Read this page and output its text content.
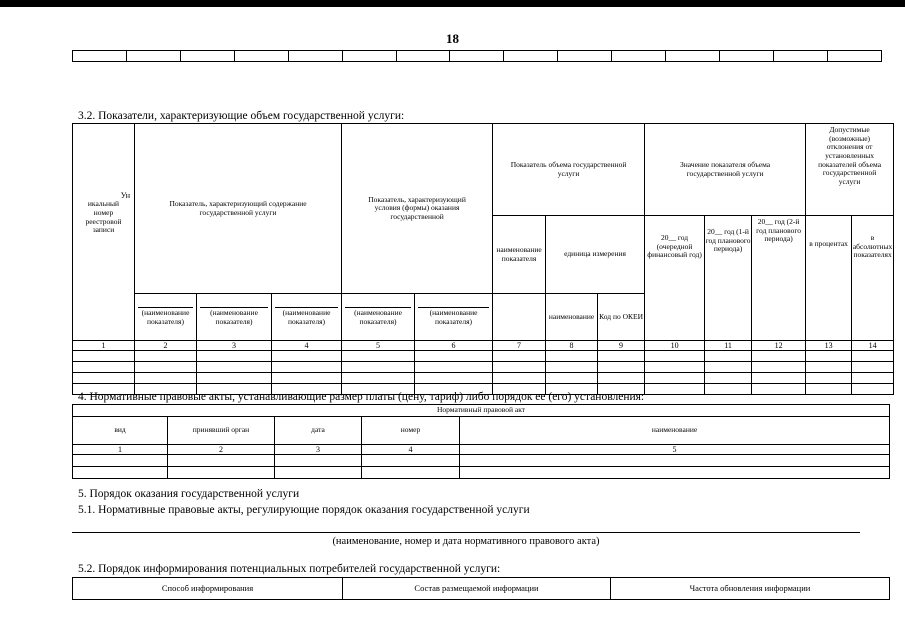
18

3.2. Показатели, характеризующие объем государственной услуги:
Ун
икальный
номер
реестровой
записи	Показатель, характеризующий содержание государственной услуги			Показатель, характеризующий условия (формы) оказания государственной		Показатель объема государственной услуги			Значение показателя объема государственной услуги			Допустимые (возможные) отклонения от установленных показателей объема государственной услуги	

						наименование показателя	единица измерения		20__ год (очередной финансовый год)	20__ год (1-й год планового периода)	20__ год (2-й год планового периода)	в процентах	в абсолютных показателях

	(наименование показателя)	(наименование показателя)	(наименование показателя)	(наименование показателя)	(наименование показателя)		наименование	Код по ОКЕИ					
1	2	3	4	5	6	7	8	9	10	11	12	13	14

4. Нормативные правовые акты, устанавливающие размер платы (цену, тариф) либо порядок ее (его) установления:
Нормативный правовой акт				
вид	принявший орган	дата	номер	наименование
1	2	3	4	5

5. Порядок оказания государственной услуги
5.1. Нормативные правовые акты, регулирующие порядок оказания государственной услуги
(наименование, номер и дата нормативного правового акта)
5.2. Порядок информирования потенциальных потребителей государственной услуги:
Способ информирования	Состав размещаемой информации	Частота обновления информации
